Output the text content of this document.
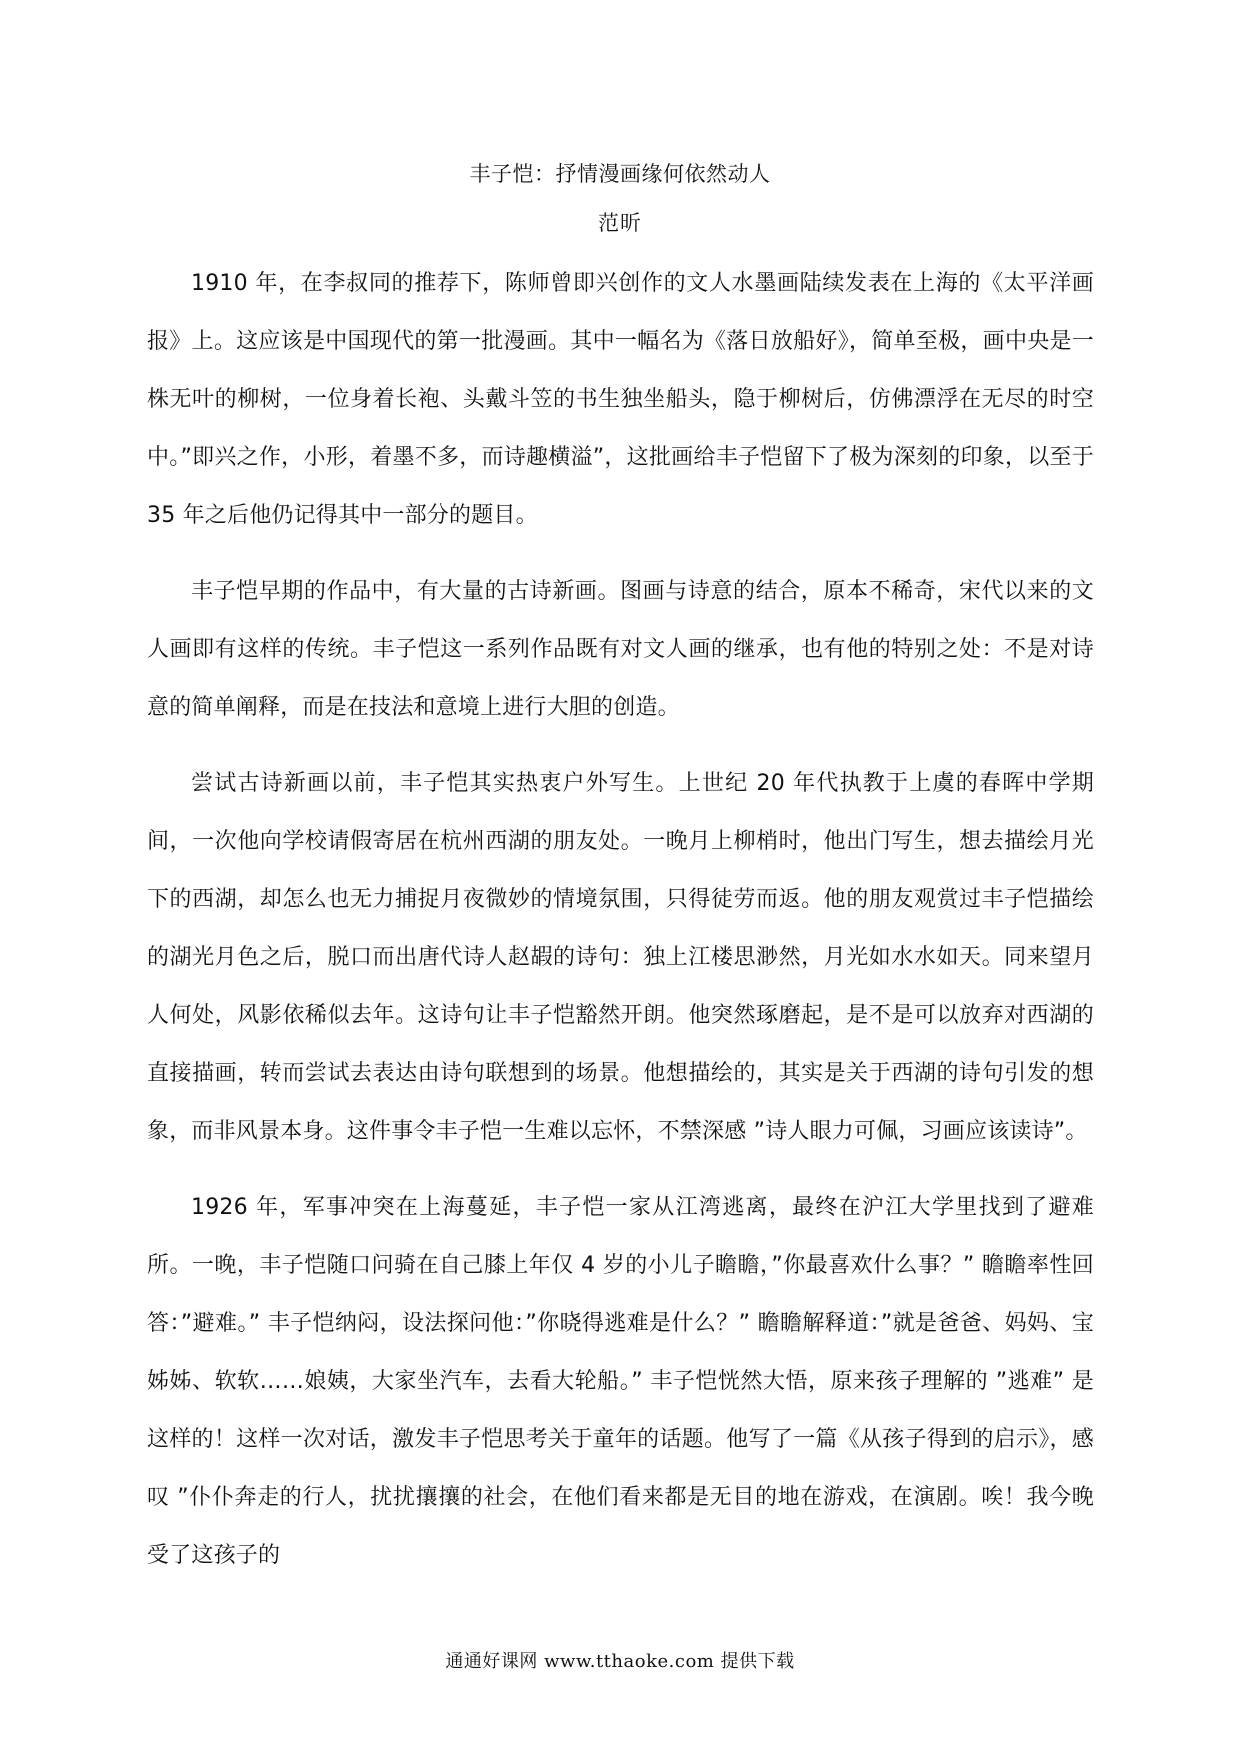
丰子恺：抒情漫画缘何依然动人
范昕

1910 年，在李叔同的推荐下，陈师曾即兴创作的文人水墨画陆续发表在上海的《太平洋画报》上。这应该是中国现代的第一批漫画。其中一幅名为《落日放船好》，简单至极，画中央是一株无叶的柳树，一位身着长袍、头戴斗笠的书生独坐船头，隐于柳树后，仿佛漂浮在无尽的时空中。”即兴之作，小形，着墨不多，而诗趣横溢”，这批画给丰子恺留下了极为深刻的印象，以至于 35 年之后他仍记得其中一部分的题目。

丰子恺早期的作品中，有大量的古诗新画。图画与诗意的结合，原本不稀奇，宋代以来的文人画即有这样的传统。丰子恺这一系列作品既有对文人画的继承，也有他的特别之处：不是对诗意的简单阐释，而是在技法和意境上进行大胆的创造。

尝试古诗新画以前，丰子恺其实热衷户外写生。上世纪 20 年代执教于上虞的春晖中学期间，一次他向学校请假寄居在杭州西湖的朋友处。一晚月上柳梢时，他出门写生，想去描绘月光下的西湖，却怎么也无力捕捉月夜微妙的情境氛围，只得徒劳而返。他的朋友观赏过丰子恺描绘的湖光月色之后，脱口而出唐代诗人赵嘏的诗句：独上江楼思渺然，月光如水水如天。同来望月人何处，风影依稀似去年。这诗句让丰子恺豁然开朗。他突然琢磨起，是不是可以放弃对西湖的直接描画，转而尝试去表达由诗句联想到的场景。他想描绘的，其实是关于西湖的诗句引发的想象，而非风景本身。这件事令丰子恺一生难以忘怀，不禁深感 ”诗人眼力可佩，习画应该读诗”。

1926 年，军事冲突在上海蔓延，丰子恺一家从江湾逃离，最终在沪江大学里找到了避难所。一晚，丰子恺随口问骑在自己膝上年仅 4 岁的小儿子瞻瞻，”你最喜欢什么事？” 瞻瞻率性回答：”避难。” 丰子恺纳闷，设法探问他：”你晓得逃难是什么？” 瞻瞻解释道：”就是爸爸、妈妈、宝姊姊、软软……娘姨，大家坐汽车，去看大轮船。” 丰子恺恍然大悟，原来孩子理解的 ”逃难” 是这样的！这样一次对话，激发丰子恺思考关于童年的话题。他写了一篇《从孩子得到的启示》，感叹 ”仆仆奔走的行人，扰扰攘攘的社会，在他们看来都是无目的地在游戏，在演剧。唉！我今晚受了这孩子的

通通好课网 www.tthaoke.com 提供下载
